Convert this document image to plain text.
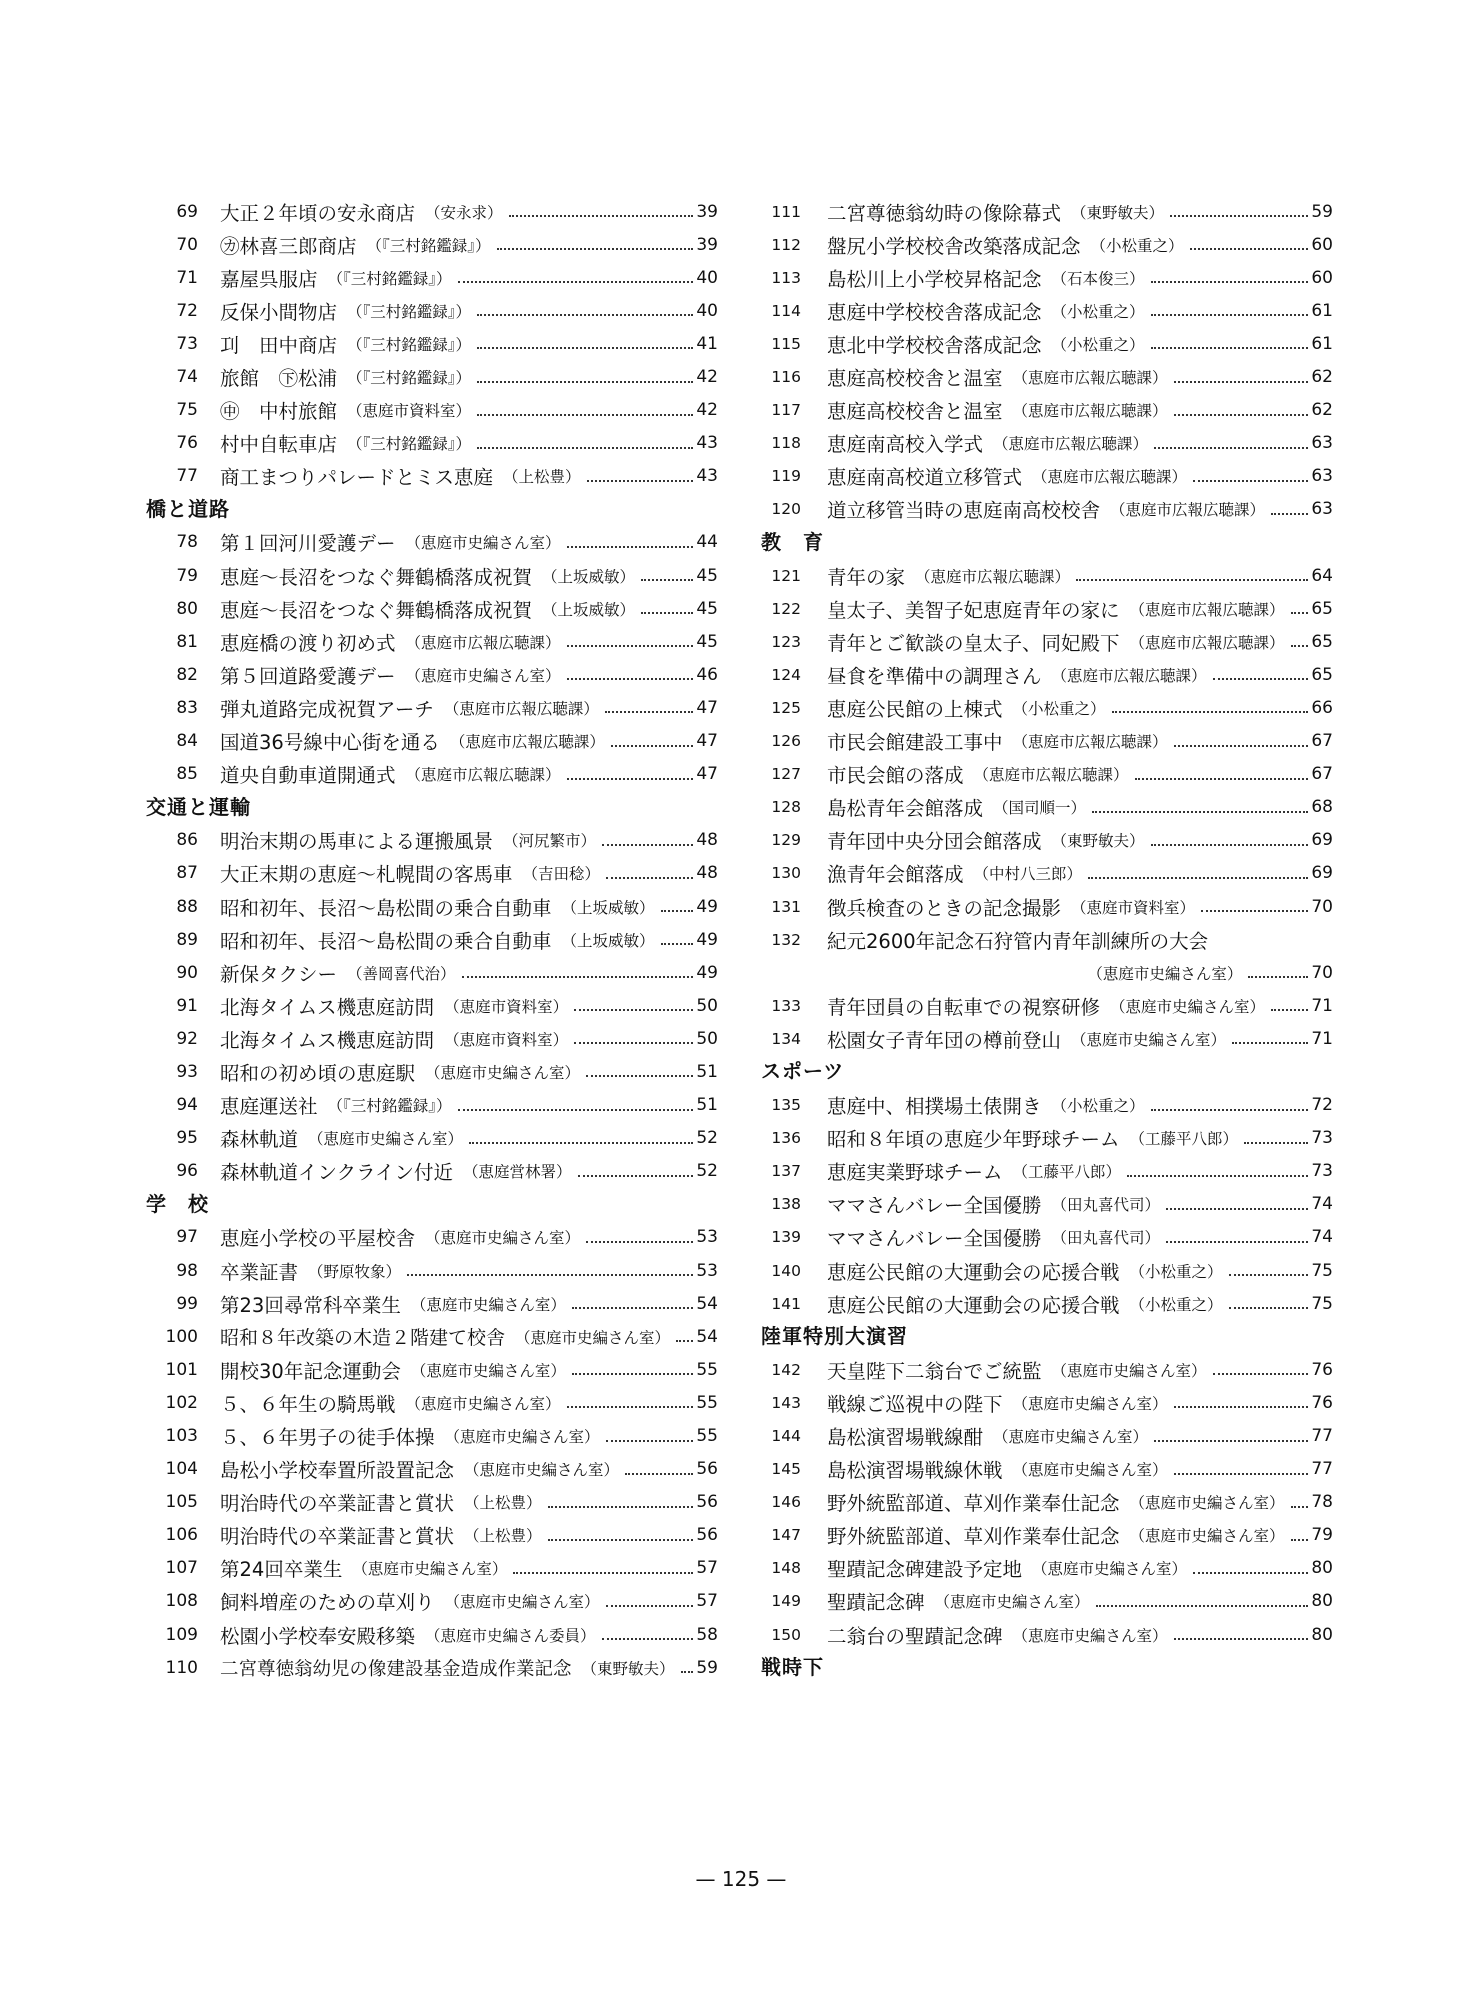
69	大正２年頃の安永商店 （安永求）	39
70	㋕林喜三郎商店 （『三村銘鑑録』）	39
71	嘉屋呉服店 （『三村銘鑑録』）	40
72	反保小間物店 （『三村銘鑑録』）	40
73	㓚　田中商店 （『三村銘鑑録』）	41
74	旅館　㊦松浦 （『三村銘鑑録』）	42
75	㊥　中村旅館 （恵庭市資料室）	42
76	村中自転車店 （『三村銘鑑録』）	43
77	商工まつりパレードとミス恵庭 （上松豊）	43
橋と道路
78	第１回河川愛護デー （恵庭市史編さん室）	44
79	恵庭～長沼をつなぐ舞鶴橋落成祝賀 （上坂威敏）	45
80	恵庭～長沼をつなぐ舞鶴橋落成祝賀 （上坂威敏）	45
81	恵庭橋の渡り初め式 （恵庭市広報広聴課）	45
82	第５回道路愛護デー （恵庭市史編さん室）	46
83	弾丸道路完成祝賀アーチ （恵庭市広報広聴課）	47
84	国道36号線中心街を通る （恵庭市広報広聴課）	47
85	道央自動車道開通式 （恵庭市広報広聴課）	47
交通と運輸
86	明治末期の馬車による運搬風景 （河尻繁市）	48
87	大正末期の恵庭～札幌間の客馬車 （吉田稔）	48
88	昭和初年、長沼～島松間の乗合自動車 （上坂威敏） 49
89	昭和初年、長沼～島松間の乗合自動車 （上坂威敏） 49
90	新保タクシー （善岡喜代治）	49
91	北海タイムス機恵庭訪問 （恵庭市資料室）	50
92	北海タイムス機恵庭訪問 （恵庭市資料室）	50
93	昭和の初め頃の恵庭駅 （恵庭市史編さん室）	51
94	恵庭運送社 （『三村銘鑑録』）	51
95	森林軌道 （恵庭市史編さん室）	52
96	森林軌道インクライン付近 （恵庭営林署）	52
学　校
97	恵庭小学校の平屋校舎 （恵庭市史編さん室）	53
98	卒業証書 （野原牧象）	53
99	第23回尋常科卒業生 （恵庭市史編さん室）	54
100	昭和８年改築の木造２階建て校舎 （恵庭市史編さん室） 54
101	開校30年記念運動会 （恵庭市史編さん室）	55
102	５、６年生の騎馬戦 （恵庭市史編さん室）	55
103	５、６年男子の徒手体操 （恵庭市史編さん室）	55
104	島松小学校奉置所設置記念 （恵庭市史編さん室）	56
105	明治時代の卒業証書と賞状 （上松豊）	56
106	明治時代の卒業証書と賞状 （上松豊）	56
107	第24回卒業生 （恵庭市史編さん室）	57
108	飼料増産のための草刈り （恵庭市史編さん室）	57
109	松園小学校奉安殿移築 （恵庭市史編さん委員）	58
110	二宮尊徳翁幼児の像建設基金造成作業記念 （東野敏夫） 59
111	二宮尊徳翁幼時の像除幕式 （東野敏夫）	59
112	盤尻小学校校舎改築落成記念 （小松重之）	60
113	島松川上小学校昇格記念 （石本俊三）	60
114	恵庭中学校校舎落成記念 （小松重之）	61
115	恵北中学校校舎落成記念 （小松重之）	61
116	恵庭高校校舎と温室 （恵庭市広報広聴課）	62
117	恵庭高校校舎と温室 （恵庭市広報広聴課）	62
118	恵庭南高校入学式 （恵庭市広報広聴課）	63
119	恵庭南高校道立移管式 （恵庭市広報広聴課）	63
120	道立移管当時の恵庭南高校校舎 （恵庭市広報広聴課）	63
教　育
121	青年の家 （恵庭市広報広聴課）	64
122	皇太子、美智子妃恵庭青年の家に （恵庭市広報広聴課） 65
123	青年とご歓談の皇太子、同妃殿下 （恵庭市広報広聴課） 65
124	昼食を準備中の調理さん （恵庭市広報広聴課）	65
125	恵庭公民館の上棟式 （小松重之）	66
126	市民会館建設工事中 （恵庭市広報広聴課）	67
127	市民会館の落成 （恵庭市広報広聴課）	67
128	島松青年会館落成 （国司順一）	68
129	青年団中央分団会館落成 （東野敏夫）	69
130	漁青年会館落成 （中村八三郎）	69
131	徴兵検査のときの記念撮影 （恵庭市資料室）	70
132	紀元2600年記念石狩管内青年訓練所の大会
（恵庭市史編さん室）	70
133	青年団員の自転車での視察研修 （恵庭市史編さん室）	71
134	松園女子青年団の樽前登山 （恵庭市史編さん室）	71
スポーツ
135	恵庭中、相撲場土俵開き （小松重之）	72
136	昭和８年頃の恵庭少年野球チーム （工藤平八郎）	73
137	恵庭実業野球チーム （工藤平八郎）	73
138	ママさんバレー全国優勝 （田丸喜代司）	74
139	ママさんバレー全国優勝 （田丸喜代司）	74
140	恵庭公民館の大運動会の応援合戦 （小松重之）	75
141	恵庭公民館の大運動会の応援合戦 （小松重之）	75
陸軍特別大演習
142	天皇陛下二翁台でご統監 （恵庭市史編さん室）	76
143	戦線ご巡視中の陛下 （恵庭市史編さん室）	76
144	島松演習場戦線酣 （恵庭市史編さん室）	77
145	島松演習場戦線休戦 （恵庭市史編さん室）	77
146	野外統監部道、草刈作業奉仕記念 （恵庭市史編さん室） 78
147	野外統監部道、草刈作業奉仕記念 （恵庭市史編さん室） 79
148	聖蹟記念碑建設予定地 （恵庭市史編さん室）	80
149	聖蹟記念碑 （恵庭市史編さん室）	80
150	二翁台の聖蹟記念碑 （恵庭市史編さん室）	80
戦時下
— 125 —
